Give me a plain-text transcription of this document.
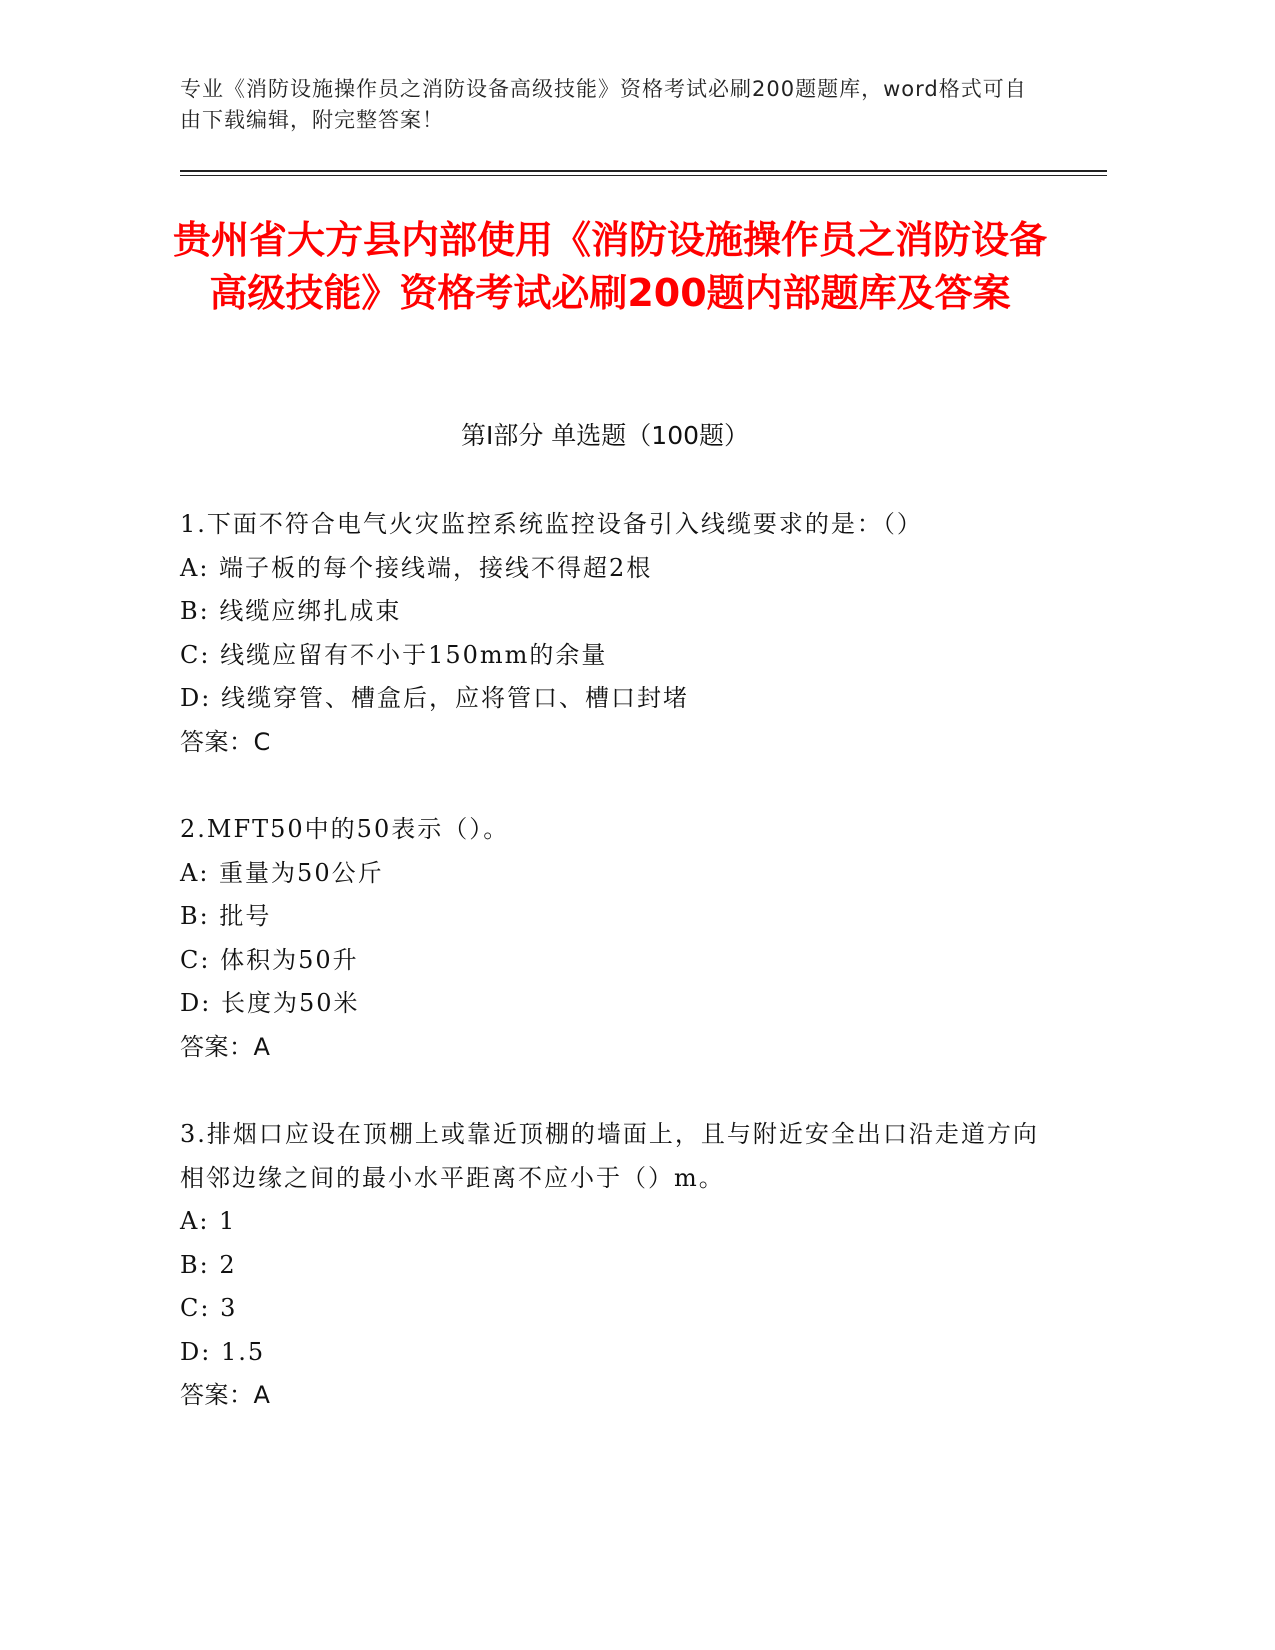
专业《消防设施操作员之消防设备高级技能》资格考试必刷200题题库，word格式可自由下载编辑，附完整答案！
贵州省大方县内部使用《消防设施操作员之消防设备高级技能》资格考试必刷200题内部题库及答案
第Ⅰ部分 单选题（100题）
1.下面不符合电气火灾监控系统监控设备引入线缆要求的是：（）
A: 端子板的每个接线端，接线不得超2根
B: 线缆应绑扎成束
C: 线缆应留有不小于150mm的余量
D: 线缆穿管、槽盒后，应将管口、槽口封堵
答案：C
2.MFT50中的50表示（）。
A: 重量为50公斤
B: 批号
C: 体积为50升
D: 长度为50米
答案：A
3.排烟口应设在顶棚上或靠近顶棚的墙面上，且与附近安全出口沿走道方向相邻边缘之间的最小水平距离不应小于（）m。
A: 1
B: 2
C: 3
D: 1.5
答案：A
